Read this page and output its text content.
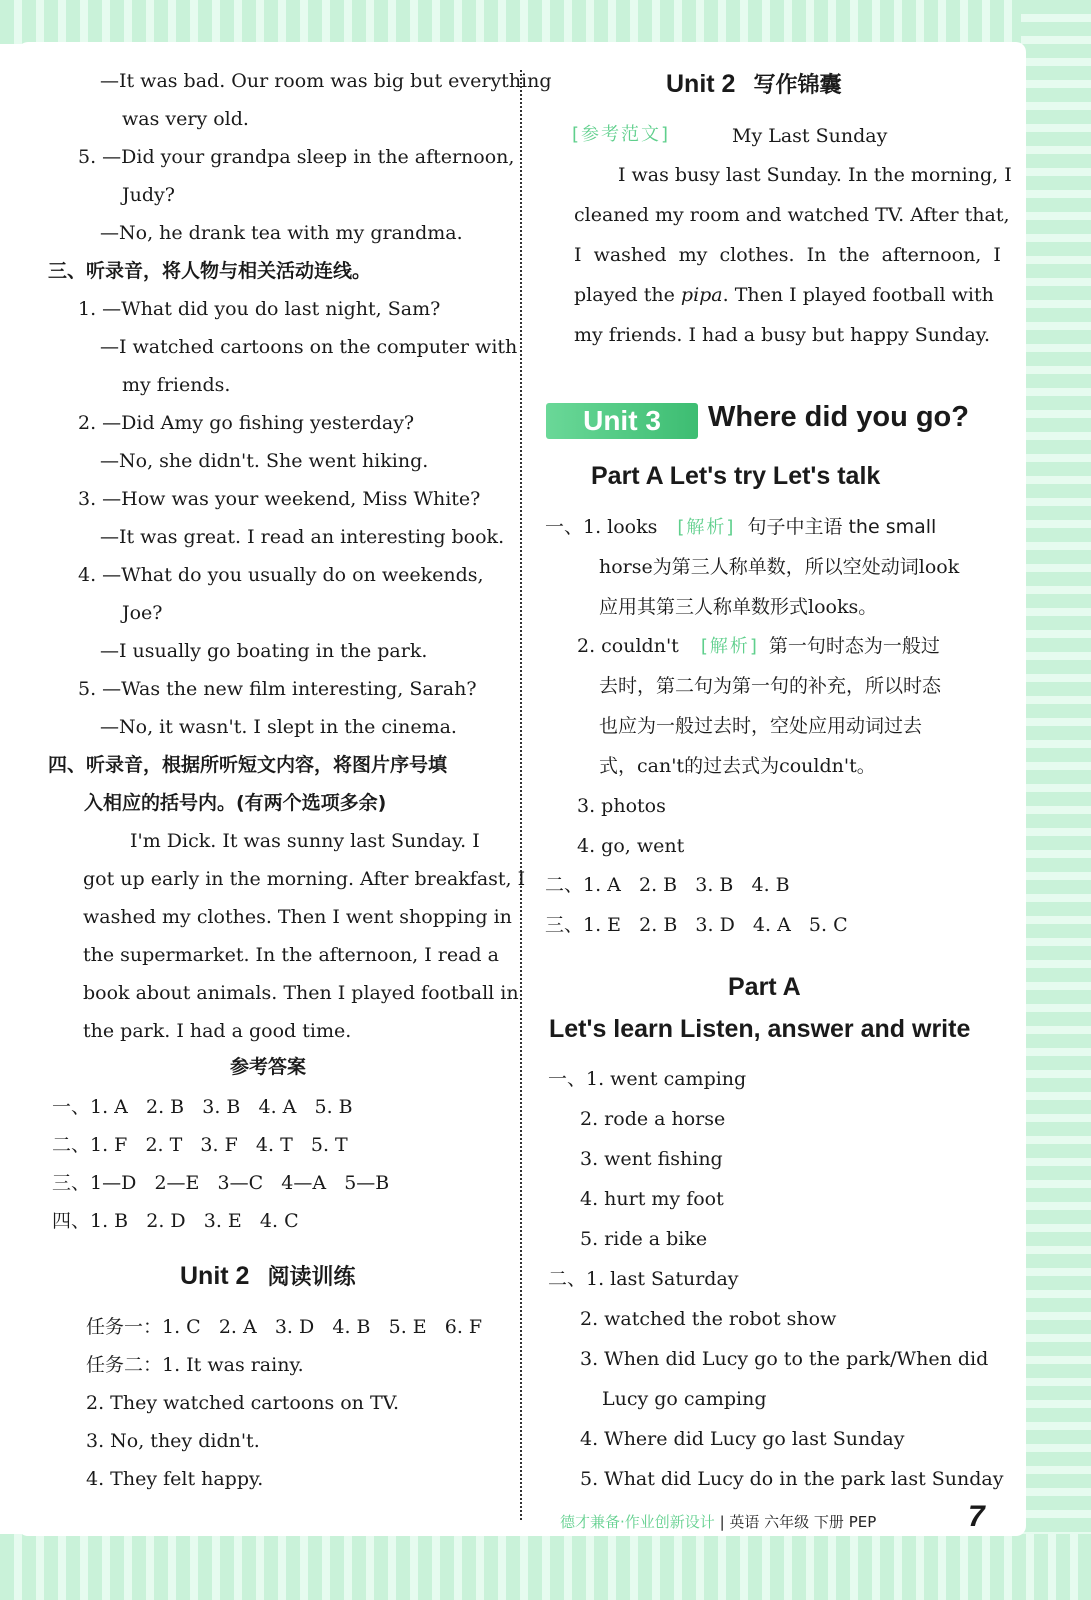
—It was bad. Our room was big but everything
was very old.
5. —Did your grandpa sleep in the afternoon,
Judy?
—No, he drank tea with my grandma.
三、听录音，将人物与相关活动连线。
1. —What did you do last night, Sam?
—I watched cartoons on the computer with
my friends.
2. —Did Amy go fishing yesterday?
—No, she didn't. She went hiking.
3. —How was your weekend, Miss White?
—It was great. I read an interesting book.
4. —What do you usually do on weekends,
Joe?
—I usually go boating in the park.
5. —Was the new film interesting, Sarah?
—No, it wasn't. I slept in the cinema.
四、听录音，根据所听短文内容，将图片序号填
入相应的括号内。(有两个选项多余)
I'm Dick. It was sunny last Sunday. I
got up early in the morning. After breakfast, I
washed my clothes. Then I went shopping in
the supermarket. In the afternoon, I read a
book about animals. Then I played football in
the park. I had a good time.
参考答案
一、1. A   2. B   3. B   4. A   5. B
二、1. F   2. T   3. F   4. T   5. T
三、1—D   2—E   3—C   4—A   5—B
四、1. B   2. D   3. E   4. C
Unit 2 阅读训练
任务一：1. C   2. A   3. D   4. B   5. E   6. F
任务二：1. It was rainy.
2. They watched cartoons on TV.
3. No, they didn't.
4. They felt happy.
Unit 2 写作锦囊
[参考范文]	My Last Sunday
I was busy last Sunday. In the morning, I
cleaned my room and watched TV. After that,
I  washed  my  clothes.  In  the  afternoon,  I
played the pipa. Then I played football with
my friends. I had a busy but happy Sunday.
Unit 3	Where did you go?
Part A Let's try Let's talk
一、1. looks [解析] 句子中主语 the small
horse为第三人称单数，所以空处动词look
应用其第三人称单数形式looks。
2. couldn't [解析] 第一句时态为一般过
去时，第二句为第一句的补充，所以时态
也应为一般过去时，空处应用动词过去
式，can't的过去式为couldn't。
3. photos
4. go, went
二、1. A   2. B   3. B   4. B
三、1. E   2. B   3. D   4. A   5. C
Part A
Let's learn Listen, answer and write
一、1. went camping
2. rode a horse
3. went fishing
4. hurt my foot
5. ride a bike
二、1. last Saturday
2. watched the robot show
3. When did Lucy go to the park/When did
Lucy go camping
4. Where did Lucy go last Sunday
5. What did Lucy do in the park last Sunday
德才兼备·作业创新设计 | 英语 六年级 下册 PEP	7
